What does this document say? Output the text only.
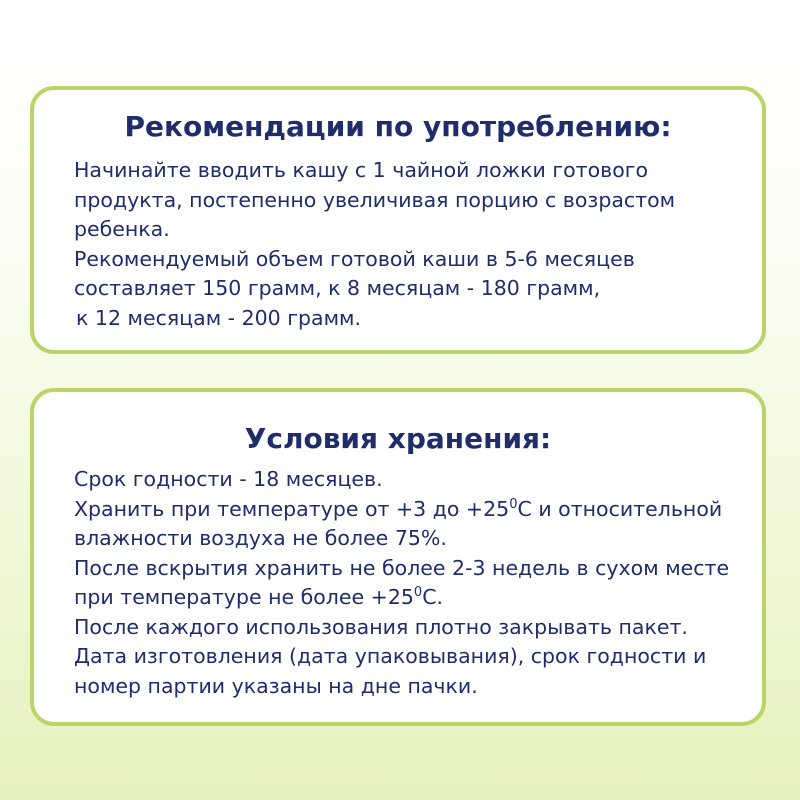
Рекомендации по употреблению:
Начинайте вводить кашу с 1 чайной ложки готового
продукта, постепенно увеличивая порцию с возрастом
ребенка.
Рекомендуемый объем готовой каши в 5-6 месяцев
составляет 150 грамм, к 8 месяцам - 180 грамм,
к 12 месяцам - 200 грамм.
Условия хранения:
Срок годности - 18 месяцев.
Хранить при температуре от +3 до $+25^0С$ и относительной
влажности воздуха не более 75%.
После вскрытия хранить не более 2-3 недель в сухом месте
при температуре не более $+25^0С$.
После каждого использования плотно закрывать пакет.
Дата изготовления (дата упаковывания), срок годности и
номер партии указаны на дне пачки.
